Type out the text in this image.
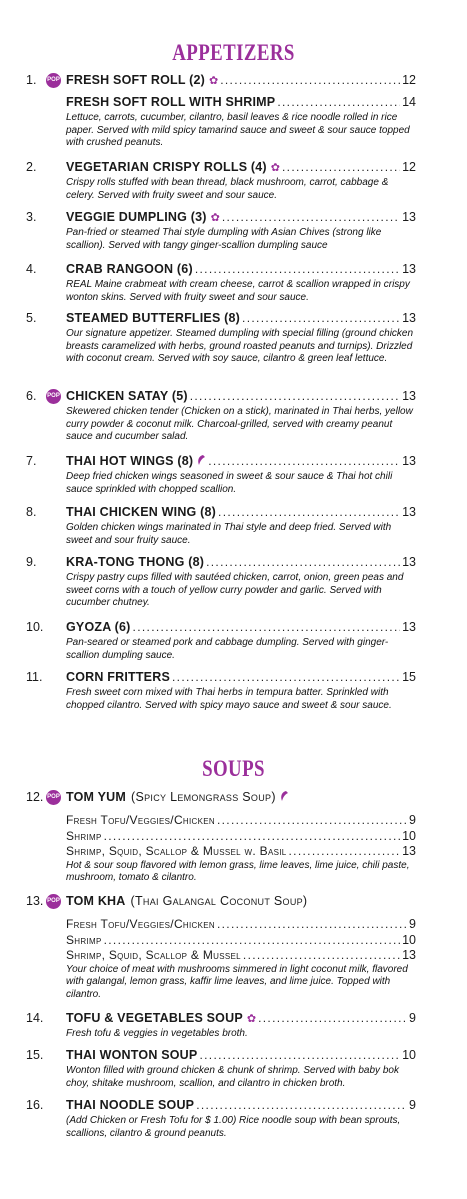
APPETIZERS
1.	POP FRESH SOFT ROLL (2) ✿ . . .	12
FRESH SOFT ROLL WITH SHRIMP . . .	14
Lettuce, carrots, cucumber, cilantro, basil leaves & rice noodle rolled in rice paper. Served with mild spicy tamarind sauce and sweet & sour sauce topped with crushed peanuts.
2.	VEGETARIAN CRISPY ROLLS (4) ✿ . . .	12
Crispy rolls stuffed with bean thread, black mushroom, carrot, cabbage & celery. Served with fruity sweet and sour sauce.
3.	VEGGIE DUMPLING (3) ✿ . . .	13
Pan-fried or steamed Thai style dumpling with Asian Chives (strong like scallion). Served with tangy ginger-scallion dumpling sauce
4.	CRAB RANGOON (6) . . .	13
REAL Maine crabmeat with cream cheese, carrot & scallion wrapped in crispy wonton skins. Served with fruity sweet and sour sauce.
5.	STEAMED BUTTERFLIES (8) . . .	13
Our signature appetizer. Steamed dumpling with special filling (ground chicken breasts caramelized with herbs, ground roasted peanuts and turnips). Drizzled with coconut cream. Served with soy sauce, cilantro & green leaf lettuce.
6.	POP CHICKEN SATAY (5) . . .	13
Skewered chicken tender (Chicken on a stick), marinated in Thai herbs, yellow curry powder & coconut milk. Charcoal-grilled, served with creamy peanut sauce and cucumber salad.
7.	THAI HOT WINGS (8) . . .	13
Deep fried chicken wings seasoned in sweet & sour sauce & Thai hot chili sauce sprinkled with chopped scallion.
8.	THAI CHICKEN WING (8) . . .	13
Golden chicken wings marinated in Thai style and deep fried. Served with sweet and sour fruity sauce.
9.	KRA-TONG THONG (8) . . .	13
Crispy pastry cups filled with sautéed chicken, carrot, onion, green peas and sweet corns with a touch of yellow curry powder and garlic. Served with cucumber chutney.
10.	GYOZA (6) . . .	13
Pan-seared or steamed pork and cabbage dumpling. Served with ginger-scallion dumpling sauce.
11.	CORN FRITTERS . . .	15
Fresh sweet corn mixed with Thai herbs in tempura batter. Sprinkled with chopped cilantro. Served with spicy mayo sauce and sweet & sour sauce.
SOUPS
12. POP TOM YUM (Spicy Lemongrass Soup)
Fresh Tofu/Veggies/Chicken . . .	9
Shrimp . . .	10
Shrimp, Squid, Scallop & Mussel w. Basil . . .	13
Hot & sour soup flavored with lemon grass, lime leaves, lime juice, chili paste, mushroom, tomato & cilantro.
13. POP TOM KHA (Thai Galangal Coconut Soup)
Fresh Tofu/Veggies/Chicken . . .	9
Shrimp . . .	10
Shrimp, Squid, Scallop & Mussel . . .	13
Your choice of meat with mushrooms simmered in light coconut milk, flavored with galangal, lemon grass, kaffir lime leaves, and lime juice. Topped with cilantro.
14.	TOFU & VEGETABLES SOUP ✿ . . .	9
Fresh tofu & veggies in vegetables broth.
15.	THAI WONTON SOUP . . .	10
Wonton filled with ground chicken & chunk of shrimp. Served with baby bok choy, shitake mushroom, scallion, and cilantro in chicken broth.
16.	THAI NOODLE SOUP . . .	9
(Add Chicken or Fresh Tofu for $ 1.00) Rice noodle soup with bean sprouts, scallions, cilantro & ground peanuts.
